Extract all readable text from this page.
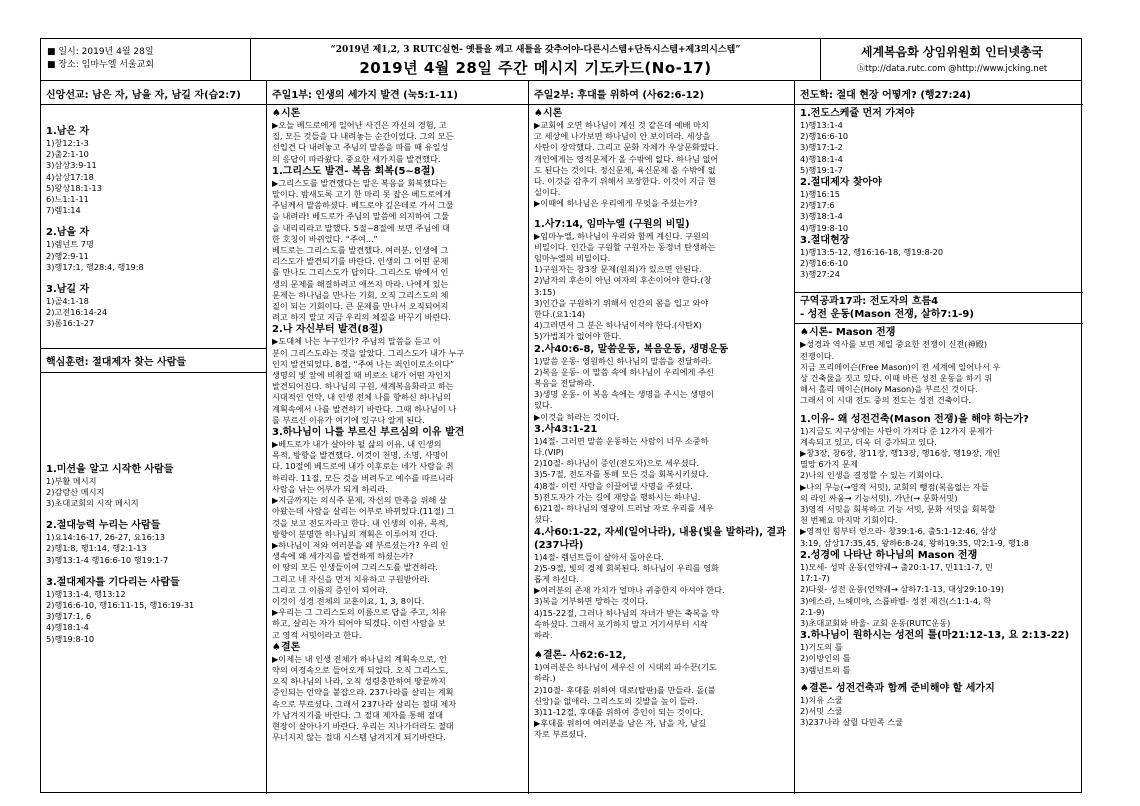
■ 일시: 2019년 4월 28일
■ 장소: 임마누엘 서울교회
“2019년 제1,2, 3 RUTC실현- 옛틀을 깨고 새틀을 갖추어야-다른시스템+단독시스템+제3의시스템”
2019년 4월 28일 주간 메시지 기도카드(No-17)
세계복음화 상임위원회 인터넷총국
ⓗttp://data.rutc.com @http://www.jcking.net
신앙선교: 남은 자, 남을 자, 남길 자(습2:7)
1.남은 자
1)창12:1-3
2)출2:1-10
3)삼상3:9-11
4)삼상17:18
5)왕상18:1-13
6)느1:1-11
7)렘1:14
2.남을 자
1)렘넌트 7명
2)행2:9-11
3)행17:1, 행28:4, 행19:8
3.남길 자
1)골4:1-18
2)고전16:14-24
3)롬16:1-27
핵심훈련: 절대제자 찾는 사람들
1.미션을 알고 시작한 사람들
1)부활 메시지
2)감람산 메시지
3)초대교회의 시작 메시지
2.절대능력 누리는 사람들
1)요14:16-17, 26-27, 요16:13
2)행1:8, 행1:14, 행2:1-13
3)행13:1-4 행16:6-10 행19:1-7
3.절대제자를 기다리는 사람들
1)행13:1-4, 행13:12
2)행16:6-10, 행16:11-15, 행16:19-31
3)행17:1, 6
4)행18:1-4
5)행19:8-10
주일1부: 인생의 세가지 발견 (눅5:1-11)
♠시론
▶오늘 베드로에게 일어난 사건은 자신의 경험, 고
집, 모든 것들을 다 내려놓는 순간이었다. 그의 모든
선입견 다 내려놓고 주님의 말씀을 따를 때 유일성
의 응답이 따라왔다. 중요한 세가지를 발견했다.
1.그리스도 발견- 복음 회복(5~8절)
▶그리스도를 발견했다는 말은 복음을 회복했다는
말이다. 밤새도록 고기 한 마리 못 잡은 베드로에게
주님께서 말씀하셨다. 베드로야 깊은데로 가서 그물
을 내려라! 베드로가 주님의 말씀에 의지하여 그물
을 내리리라고 말했다. 5절~8절에 보면 주님에 대
한 호칭이 바뀌었다. “주여...”
베드로는 그리스도를 발견했다. 여러분, 인생에 그
리스도가 발견되기를 바란다. 인생의 그 어떤 문제
를 만나도 그리스도가 답이다. 그리스도 밖에서 인
생의 문제를 해결하려고 애쓰지 마라. 나에게 있는
문제는 하나님을 만나는 기회, 오직 그리스도의 체
질이 되는 기회이다. 큰 문제를 만나서 오직되어지
려고 하지 말고 지금 우리의 체질을 바꾸기 바란다.
2.나 자신부터 발견(8절)
▶도대체 나는 누구인가? 주님의 말씀을 듣고 이
분이 그리스도라는 것을 알았다. 그리스도가 내가 누구
인지 발견되었다. 8절, “주여 나는 죄인이로소이다”
생명의 빛 앞에 비춰질 때 비로소 내가 어떤 자인지
발견되어진다. 하나님의 구원, 세계복음화라고 하는
시대적인 언약, 내 인생 전체 나를 향하신 하나님의
계획속에서 나를 발견하기 바란다. 그때 하나님이 나
를 부르신 이유가 여기에 있구나 알게 된다.
3.하나님이 나를 부르신 부르심의 이유 발견
▶베드로가 내가 살아야 될 삶의 이유, 내 인생의
목적, 방향을 발견했다. 이것이 천명, 소명, 사명이
다. 10절에 베드로에 내가 이후로는 네가 사람을 취
하리라. 11절, 모든 것을 버려두고 예수를 따르니라
사람을 낚는 어부가 되게 하리라.
▶지금까지는 의식주 문제, 자신의 만족을 위해 살
아왔는데 사람을 살리는 어부로 바뀌었다.(11절) 그
것을 보고 전도자라고 한다. 내 인생의 이유, 목적,
방향이 분명한 하나님의 계획은 이루어져 간다.
▶하나님이 저와 여러분을 왜 부르셨는가? 우리 인
생속에 왜 세가지를 발견하게 하셨는가?
이 땅의 모든 인생들이여 그리스도를 발견하라.
그리고 네 자신을 먼저 치유하고 구원받아라.
그리고 그 이름의 증인이 되어라.
이것이 성경 전체의 교훈이요, 1, 3, 8이다.
▶우리는 그 그리스도의 이름으로 답을 주고, 치유
하고, 살리는 자가 되어야 되겠다. 이런 사람을 보
고 영적 서밋이라고 한다.
♠결론
▶이제는 내 인생 전체가 하나님의 계획속으로, 언
약의 여정속으로 들어오게 되었다. 오직 그리스도,
오직 하나님의 나라, 오직 성령충만하여 땅끝까지
증인되는 언약을 붙잡으라. 237나라를 살리는 계획
속으로 부르셨다. 그래서 237나라 살리는 절대 제자
가 남겨지기를 바란다. 그 절대 제자를 통해 절대
현장이 살아나기 바란다. 우리는 지나가더라도 절대
무너지지 않는 절대 시스템 남겨지게 되기바란다.
주일2부: 후대를 위하여 (사62:6-12)
♠시론
▶교회에 오면 하나님이 계신 것 같은데 예배 마치
고 세상에 나가보면 하나님이 안 보이더라. 세상을
사탄이 장악했다. 그리고 문화 자체가 우상문화였다.
개인에게는 영적문제가 올 수밖에 없다. 하나님 없어
도 된다는 것이다. 정신문제, 육신문제 올 수밖에 없
다. 이것을 감추기 위해서 포장한다. 이것이 지금 현
실이다.
▶이때에 하나님은 우리에게 무엇을 주셨는가?
1.사7:14, 임마누엘 (구원의 비밀)
▶임마누엘, 하나님이 우리와 함께 계신다. 구원의
비밀이다. 인간을 구원할 구원자는 동정녀 탄생하는
임마누엘의 비밀이다.
1)구원자는 창3장 문제(원죄)가 있으면 안된다.
2)남자의 후손이 아닌 여자의 후손이어야 한다.(창
3:15)
3)인간을 구원하기 위해서 인간의 몸을 입고 와야
한다.(요1:14)
4)그러면서 그 분은 하나님이셔야 한다.(사탄X)
5)가법죄가 없어야 한다.
2.사40:6-8, 말씀운동, 복음운동, 생명운동
1)말씀 운동- 영원하신 하나님의 말씀을 전달하라.
2)복음 운동- 이 말씀 속에 하나님이 우리에게 주신
복음을 전달하라.
3)생명 운동- 이 복음 속에는 생명을 주시는 생명이
있다.
▶이것을 하라는 것이다.
3.사43:1-21
1)4절- 그러면 말씀 운동하는 사람이 너무 소중하
다.(VIP)
2)10절- 하나님이 증인(전도자)으로 세우셨다.
3)5-7절, 전도자를 통해 모든 것을 회복시키셨다.
4)8절- 이런 사람을 이끌어낼 사명을 주셨다.
5)전도자가 가는 길에 재앙을 행하시는 하나님.
6)21절- 하나님의 영광이 드러날 자로 우리를 세우
셨다.
4.사60:1-22, 자세(일어나라), 내용(빛을 발하라), 결과(237나라)
1)4절- 렘넌트들이 살아서 돌아온다.
2)5-9절, 빛의 경제 회복된다. 하나님이 우리를 영화
롭게 하신다.
▶여러분의 존재 가치가 얼마나 귀중한지 아셔야 한다.
3)복을 거부하면 망하는 것이다.
4)15-22절, 그러나 하나님의 자녀가 받는 축복을 약
속하셨다. 그래서 포기하지 말고 거기서부터 시작
하라.
♠결론- 사62:6-12,
1)여러분은 하나님이 세우신 이 시대의 파수꾼(기도
하라.)
2)10절- 후대를 위하여 대로(탈판)를 만들라. 돌(불
신앙)을 없애라. 그리스도의 깃발을 높이 들라.
3)11-12절, 후대를 위하여 증인이 되는 것이다.
▶후대를 위하여 여러분을 남은 자, 남을 자, 남길
자로 부르셨다.
전도학: 절대 현장 어떻게? (행27:24)
1.전도스케쥴 먼저 가져야
1)행13:1-4
2)행16:6-10
3)행17:1-2
4)행18:1-4
5)행19:1-7
2.절대제자 찾아야
1)행16:15
2)행17:6
3)행18:1-4
4)행19:8-10
3.절대현장
1)행13:5-12, 행16:16-18, 행19:8-20
2)행16:6-10
3)행27:24
구역공과17과: 전도자의 흐름4
- 성전 운동(Mason 전쟁, 살하7:1-9)
♠시론- Mason 전쟁
▶성경과 역사를 보면 제일 중요한 전쟁이 신전(神殿)
전쟁이다.
지금 프리메이슨(Free Mason)이 전 세계에 일어나서 우
상 건축물을 짓고 있다. 이때 바른 성전 운동을 하기 위
해서 홀리 메이슨(Holy Mason)을 부르신 것이다.
그래서 이 시대 전도 중의 전도는 성전 건축이다.
1.이유- 왜 성전건축(Mason 전쟁)을 해야 하는가?
1)지금도 지구상에는 사탄이 가져다 준 12가지 문제가
계속되고 있고, 더욱 더 증가되고 있다.
▶창3장, 창6장, 창11장, 행13장, 행16장, 행19장, 개인
멸망 6가지 문제
2)나의 인생을 결정할 수 있는 기회이다.
▶나의 무능(→영적 서밋), 교회의 뺑점(복음없는 자들
의 라인 싸움→ 기능서밋), 가난(→ 문화서밋)
3)영적 서밋을 회복하고 기능 서밋, 문화 서밋을 회복할
천 번째요 마지막 기회이다.
▶영적인 힘부터 얻으라- 창39:1-6, 출5:1-12:46, 삼상
3:19, 삼상17:35,45, 왕하6:8-24, 왕하19:35, 막2:1-9, 행1:8
2.성경에 나타난 하나님의 Mason 전쟁
1)모세- 성막 운동(언약궤→ 출20:1-17, 민11:1-7, 민
17:1-7)
2)다윗- 성전 운동(언약궤→ 삼하7:1-13, 대상29:10-19)
3)에스라, 느헤미야, 스룹바벨- 성전 재건(스1:1-4, 학
2:1-9)
3)초대교회와 바울- 교회 운동(RUTC운동)
3.하나님이 원하시는 성전의 틀(마21:12-13, 요 2:13-22)
1)기도의 틀
2)이방인의 틀
3)렘넌트의 틀
♠결론- 성전건축과 함께 준비해야 할 세가지
1)치유 스쿨
2)서밋 스쿨
3)237나라 살릴 다민족 스쿨
